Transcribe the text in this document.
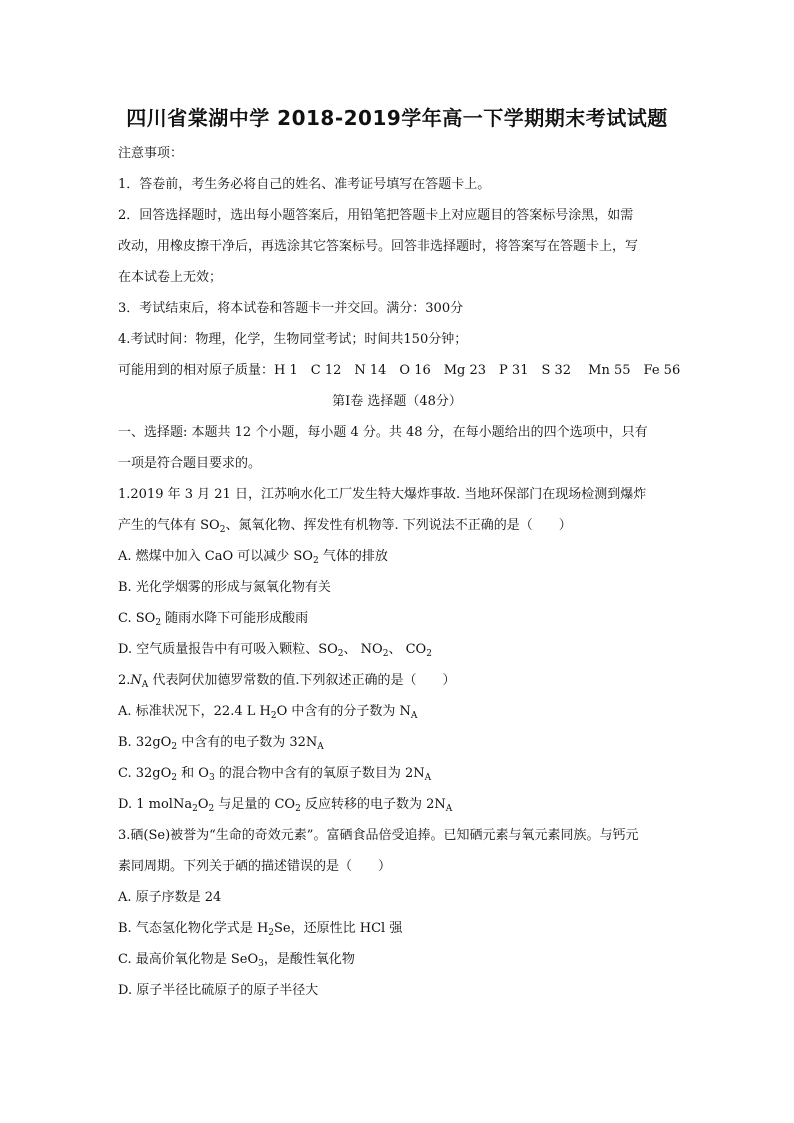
四川省棠湖中学 2018-2019学年高一下学期期末考试试题

注意事项：

1．答卷前，考生务必将自己的姓名、准考证号填写在答题卡上。

2．回答选择题时，选出每小题答案后，用铅笔把答题卡上对应题目的答案标号涂黑，如需

改动，用橡皮擦干净后，再选涂其它答案标号。回答非选择题时，将答案写在答题卡上，写

在本试卷上无效；

3．考试结束后，将本试卷和答题卡一并交回。满分：300分

4.考试时间：物理，化学，生物同堂考试；时间共150分钟；

可能用到的相对原子质量：H 1　C 12　N 14　O 16　Mg 23　P 31　S 32　 Mn 55　Fe 56

第I卷 选择题（48分）

一、选择题: 本题共 12 个小题，每小题 4 分。共 48 分，在每小题给出的四个选项中，只有

一项是符合题目要求的。

1.2019 年 3 月 21 日，江苏响水化工厂发生特大爆炸事故. 当地环保部门在现场检测到爆炸

产生的气体有 $SO_2$、氮氧化物、挥发性有机物等. 下列说法不正确的是（　　）

A. 燃煤中加入 CaO 可以减少 $SO_2$ 气体的排放

B. 光化学烟雾的形成与氮氧化物有关

C. $SO_2$ 随雨水降下可能形成酸雨

D. 空气质量报告中有可吸入颗粒、$SO_2$、 $NO_2$、 $CO_2$

$2.N_A$ 代表阿伏加德罗常数的值.下列叙述正确的是（　　）

A. 标准状况下，22.4 L $H_2O$ 中含有的分子数为 $N_A$

B. $32gO_2$ 中含有的电子数为 $32N_A$

C. $32gO_2$ 和 $O_3$ 的混合物中含有的氧原子数目为 $2N_A$

D. 1 $molNa_2O_2$ 与足量的 $CO_2$ 反应转移的电子数为 $2N_A$

3.硒(Se)被誉为“生命的奇效元素”。富硒食品倍受追捧。已知硒元素与氧元素同族。与钙元

素同周期。下列关于硒的描述错误的是（　　）

A. 原子序数是 24

B. 气态氢化物化学式是 $H_2Se$，还原性比 HCl 强

C. 最高价氧化物是 SeO$_3$，是酸性氧化物

D. 原子半径比硫原子的原子半径大
